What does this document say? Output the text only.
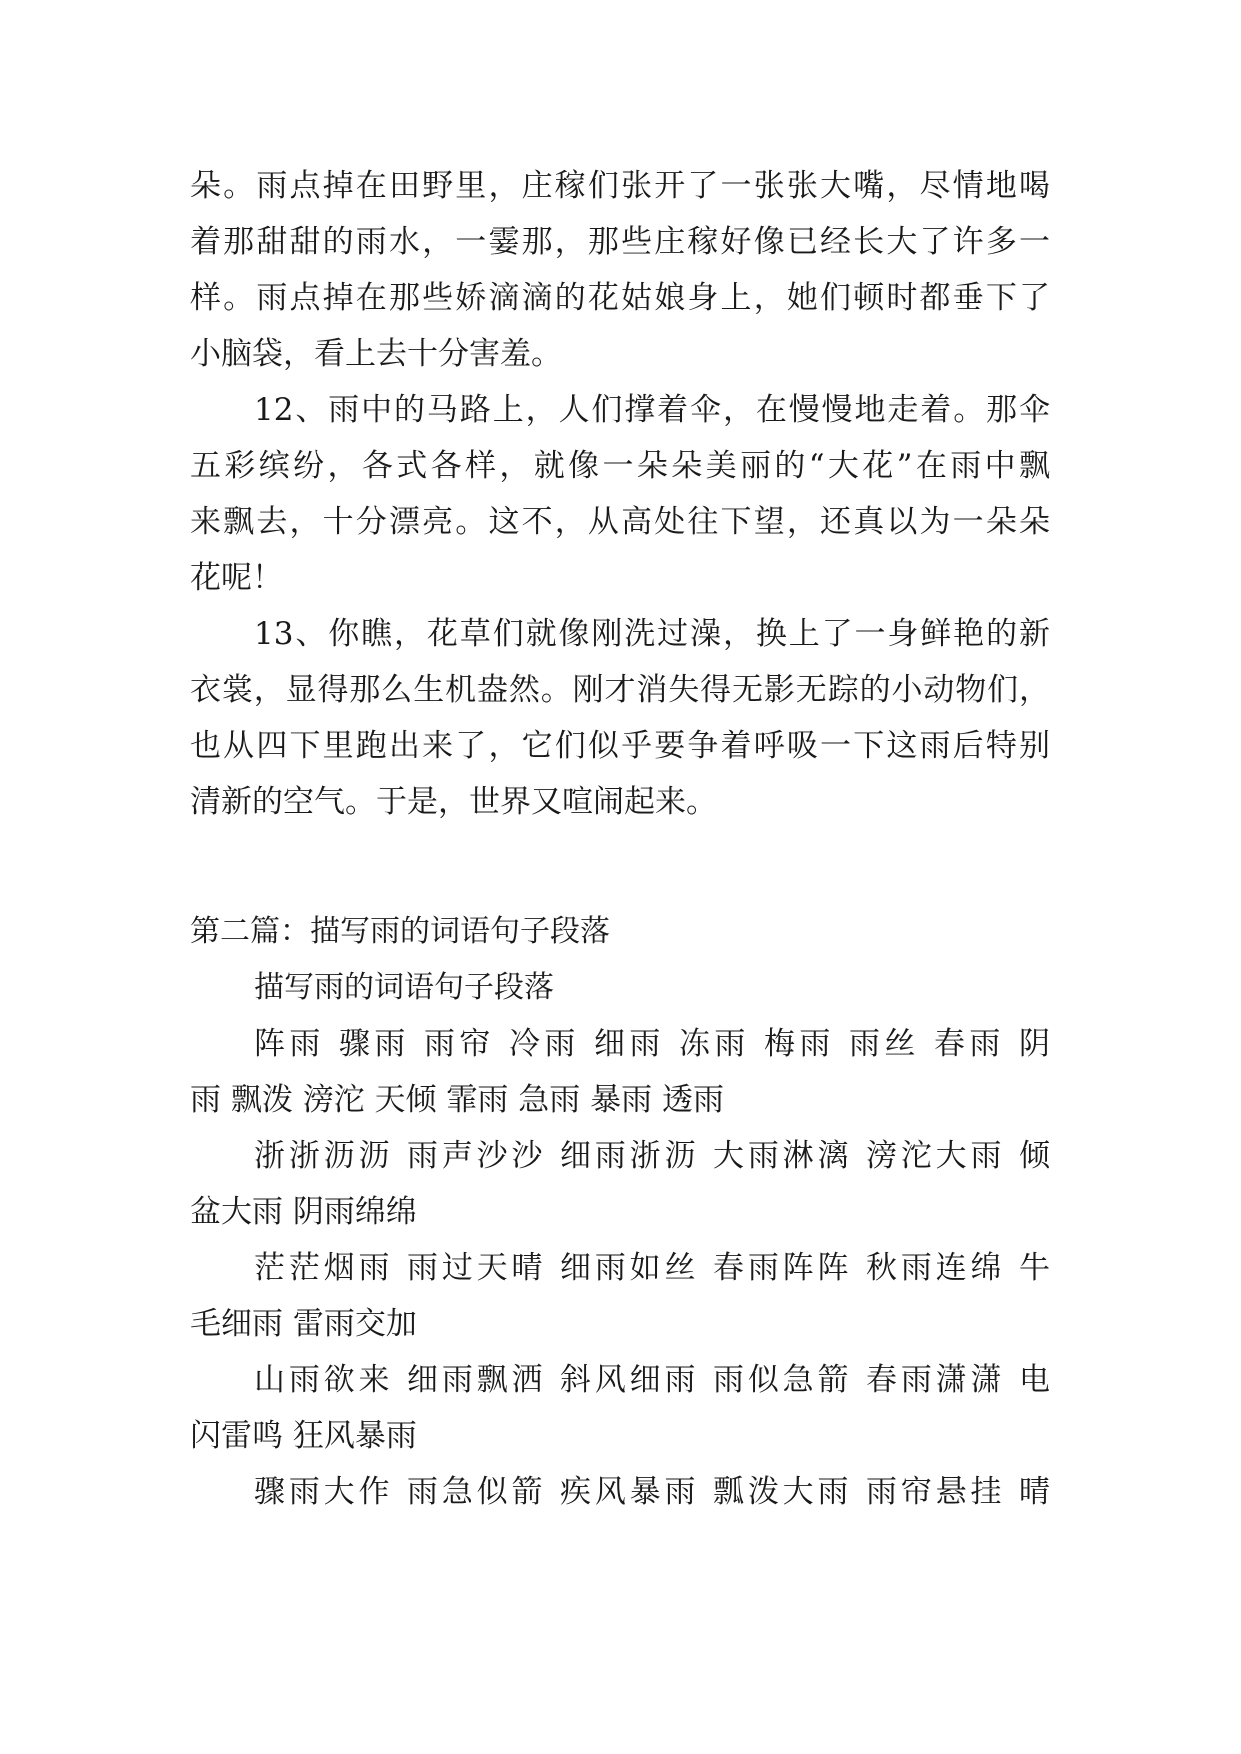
朵。雨点掉在田野里，庄稼们张开了一张张大嘴，尽情地喝
着那甜甜的雨水，一霎那，那些庄稼好像已经长大了许多一
样。雨点掉在那些娇滴滴的花姑娘身上，她们顿时都垂下了
小脑袋，看上去十分害羞。
12、雨中的马路上，人们撑着伞，在慢慢地走着。那伞
五彩缤纷，各式各样，就像一朵朵美丽的“大花”在雨中飘
来飘去，十分漂亮。这不，从高处往下望，还真以为一朵朵
花呢！
13、你瞧，花草们就像刚洗过澡，换上了一身鲜艳的新
衣裳，显得那么生机盎然。刚才消失得无影无踪的小动物们，
也从四下里跑出来了，它们似乎要争着呼吸一下这雨后特别
清新的空气。于是，世界又喧闹起来。
第二篇：描写雨的词语句子段落
描写雨的词语句子段落
阵雨 骤雨 雨帘 冷雨 细雨 冻雨 梅雨 雨丝 春雨 阴
雨 飘泼 滂沱 天倾 霏雨 急雨 暴雨 透雨
浙浙沥沥 雨声沙沙 细雨浙沥 大雨淋漓 滂沱大雨 倾
盆大雨 阴雨绵绵
茫茫烟雨 雨过天晴 细雨如丝 春雨阵阵 秋雨连绵 牛
毛细雨 雷雨交加
山雨欲来 细雨飘洒 斜风细雨 雨似急箭 春雨潇潇 电
闪雷鸣 狂风暴雨
骤雨大作 雨急似箭 疾风暴雨 瓢泼大雨 雨帘悬挂 晴
